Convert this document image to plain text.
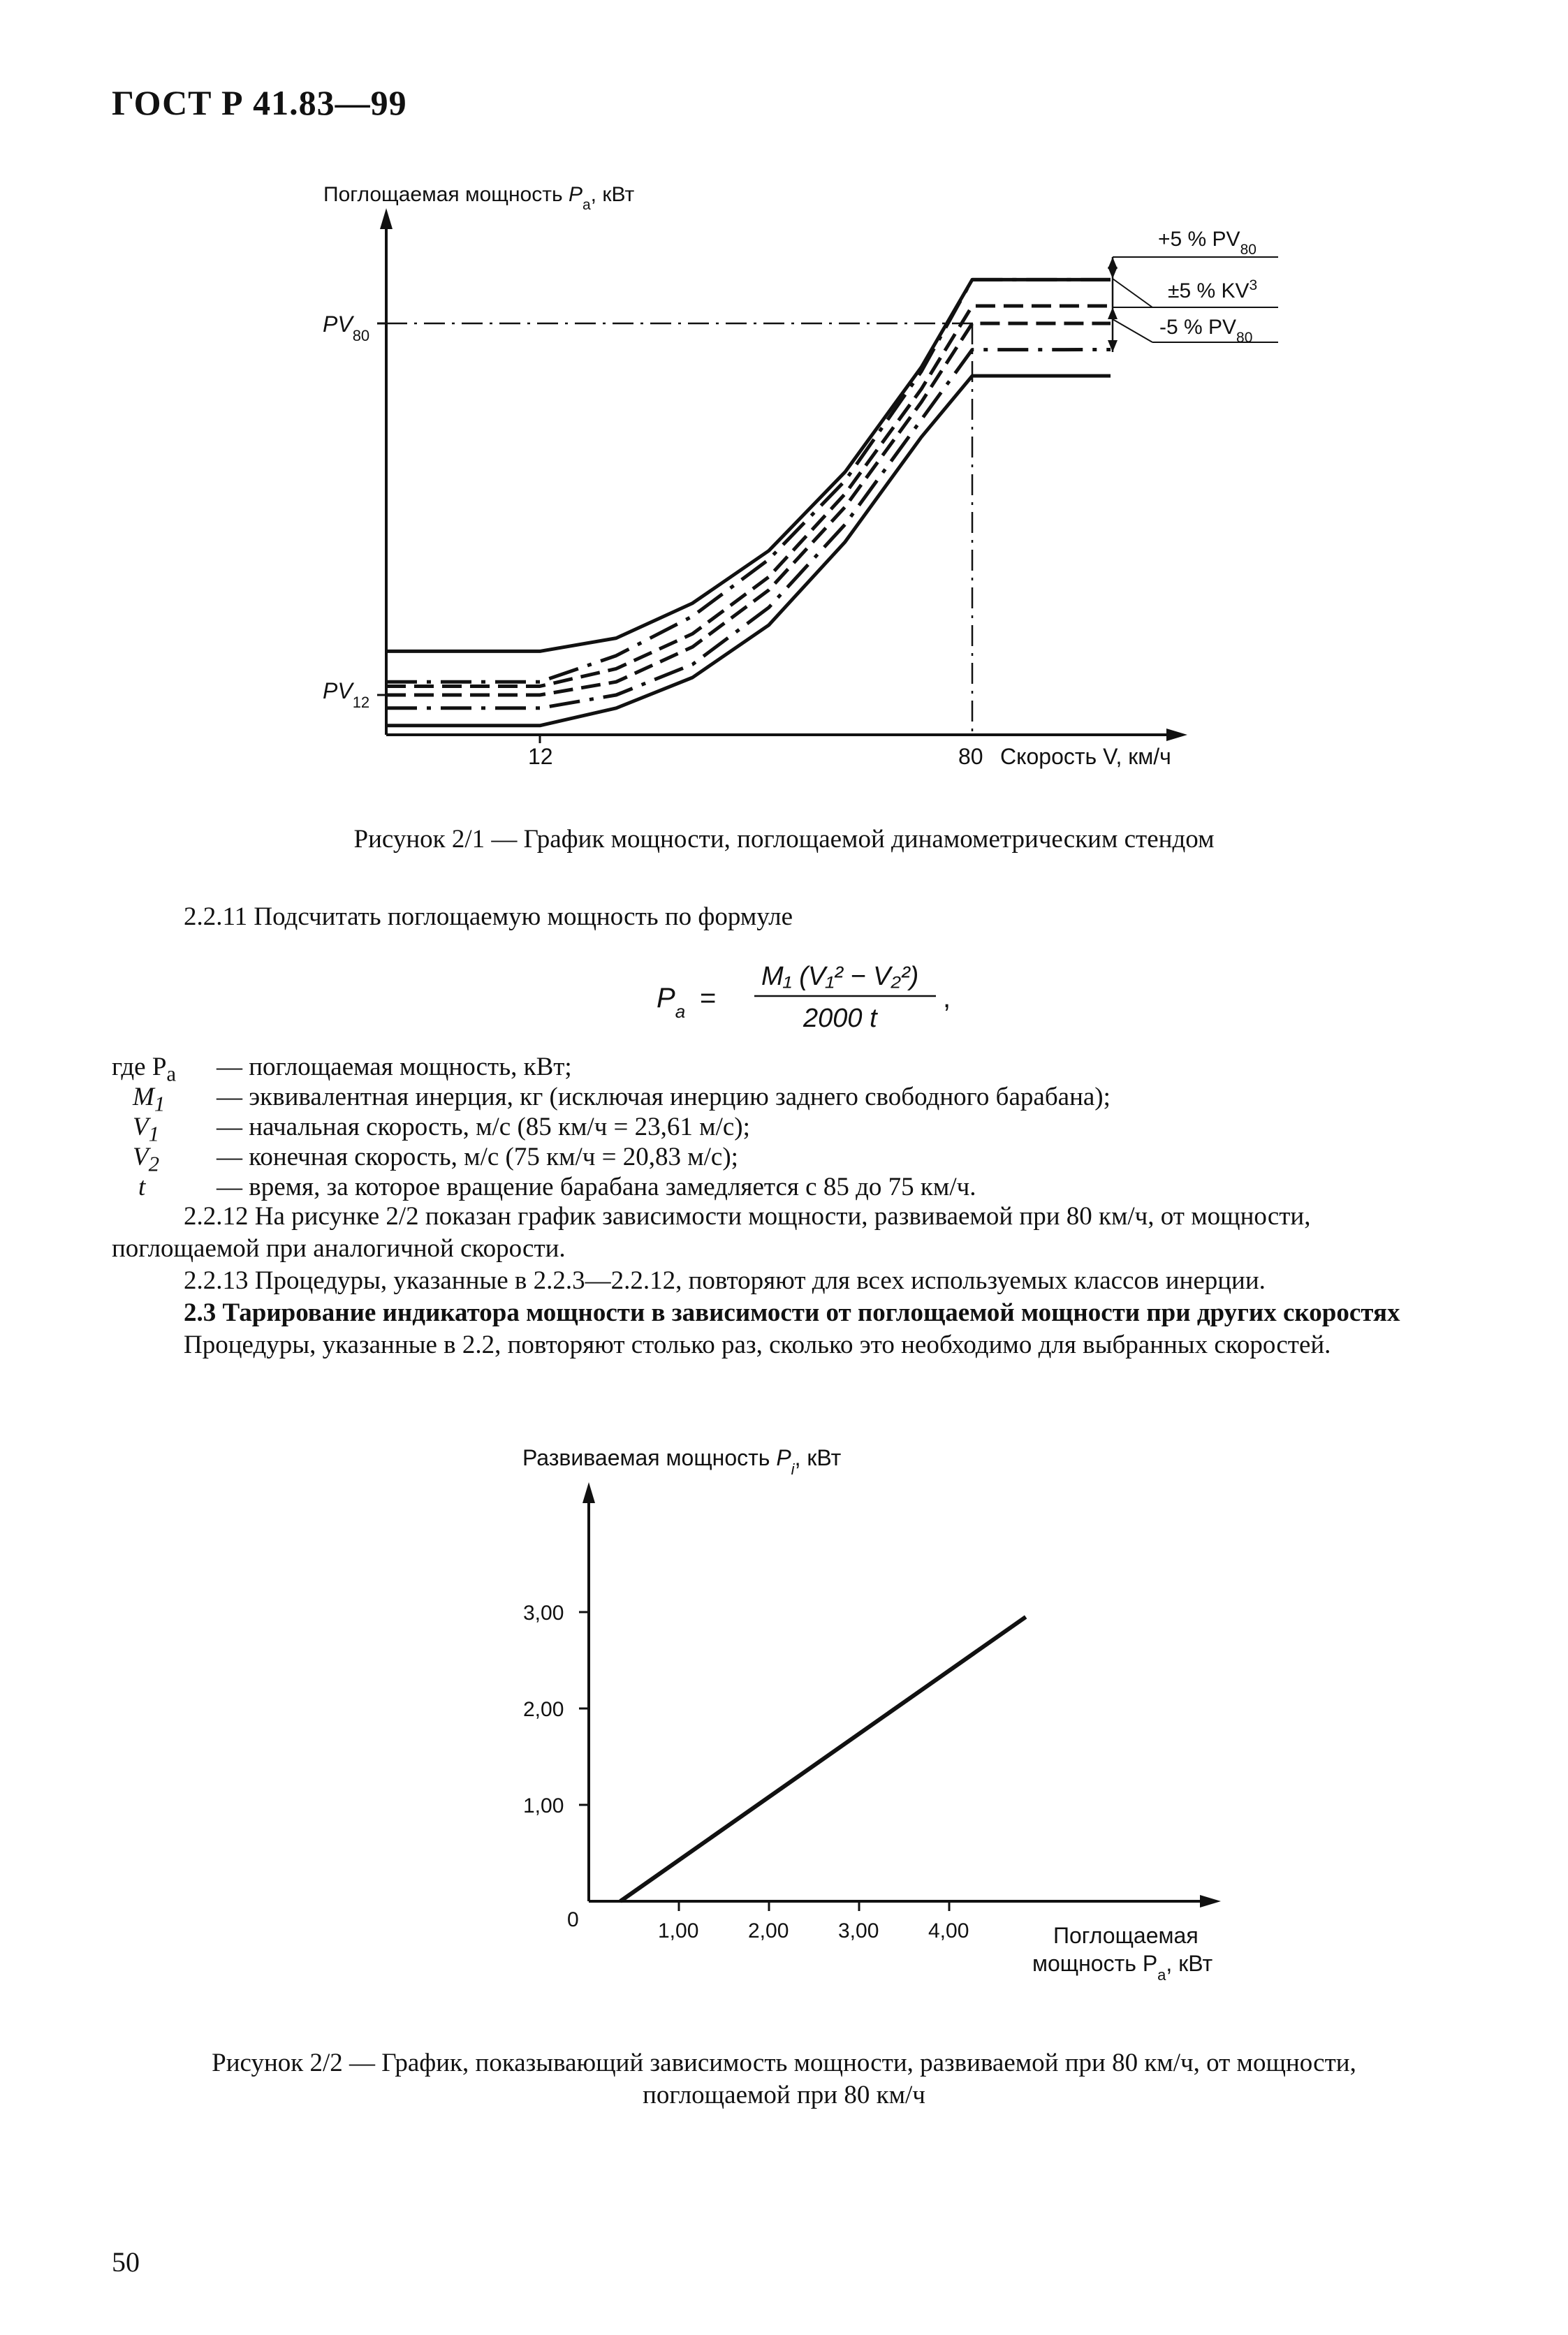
ГОСТ Р 41.83—99
Поглощаемая мощность $P_a$, кВт
$PV_{80}$
$PV_{12}$
12	80 Скорость V, км/ч
+5 % $PV_{80}$
±5 % $KV^3$
-5 % $PV_{80}$
Рисунок 2/1 — График мощности, поглощаемой динамометрическим стендом
2.2.11 Подсчитать поглощаемую мощность по формуле
$P_a$ =
M₁ (V₁² − V₂²)
2000 t
,
где $P_a$	— поглощаемая мощность, кВт;
$M_1$	— эквивалентная инерция, кг (исключая инерцию заднего свободного барабана);
$V_1$	— начальная скорость, м/с (85 км/ч = 23,61 м/с);
$V_2$	— конечная скорость, м/с (75 км/ч = 20,83 м/с);
t	— время, за которое вращение барабана замедляется с 85 до 75 км/ч.
2.2.12 На рисунке 2/2 показан график зависимости мощности, развиваемой при 80 км/ч, от мощности,
поглощаемой при аналогичной скорости.
2.2.13 Процедуры, указанные в 2.2.3—2.2.12, повторяют для всех используемых классов инерции.
2.3 Тарирование индикатора мощности в зависимости от поглощаемой мощности при других скоростях
Процедуры, указанные в 2.2, повторяют столько раз, сколько это необходимо для выбранных скоростей.
Развиваемая мощность $P_i$, кВт
0	1,00 2,00 3,00 4,00
1,00
2,00
3,00
Поглощаемая
мощность $P_a$, кВт
Рисунок 2/2 — График, показывающий зависимость мощности, развиваемой при 80 км/ч, от мощности,
поглощаемой при 80 км/ч
50
